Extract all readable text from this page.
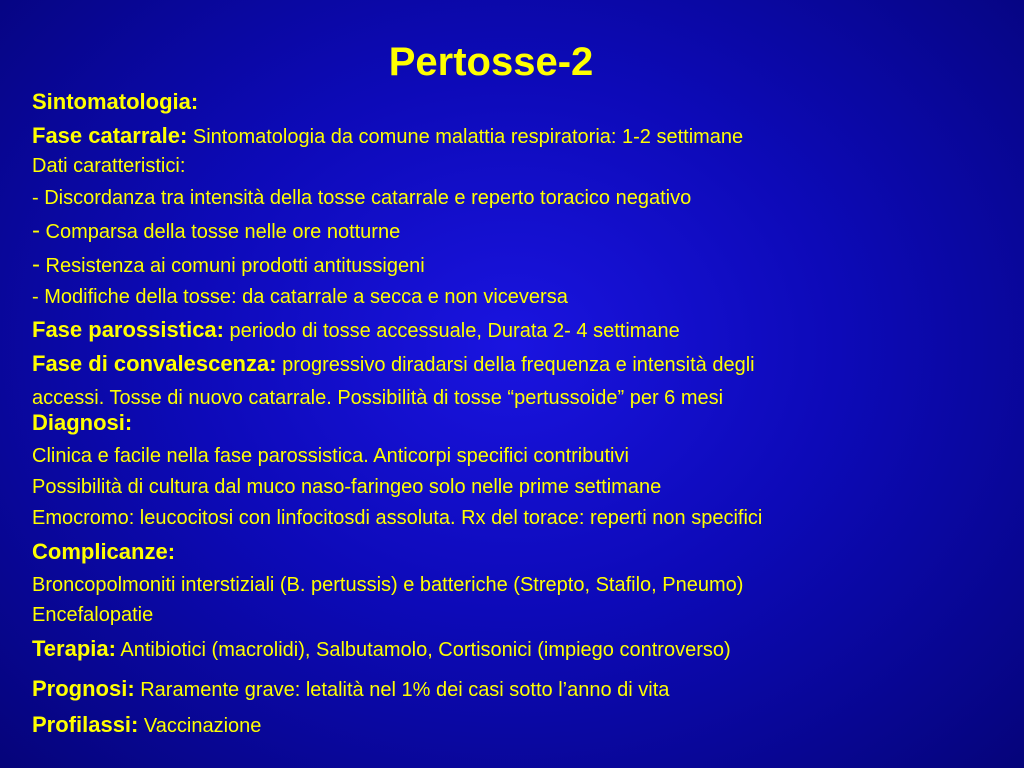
Pertosse-2
Sintomatologia:
Fase catarrale: Sintomatologia da comune malattia respiratoria: 1-2 settimane
Dati caratteristici:
- Discordanza tra intensità della tosse catarrale e reperto toracico negativo
- Comparsa della tosse nelle ore notturne
- Resistenza ai comuni prodotti antitussigeni
- Modifiche della tosse: da catarrale a secca e non viceversa
Fase parossistica: periodo di tosse accessuale, Durata 2- 4 settimane
Fase di convalescenza: progressivo diradarsi della frequenza e intensità degli
accessi. Tosse di nuovo catarrale. Possibilità di tosse “pertussoide” per 6 mesi
Diagnosi:
Clinica e facile nella fase parossistica. Anticorpi specifici contributivi
Possibilità di cultura dal muco naso-faringeo solo nelle prime settimane
Emocromo: leucocitosi con linfocitosdi assoluta. Rx del torace: reperti non specifici
Complicanze:
Broncopolmoniti interstiziali (B. pertussis) e batteriche (Strepto, Stafilo, Pneumo)
Encefalopatie
Terapia: Antibiotici (macrolidi), Salbutamolo, Cortisonici (impiego controverso)
Prognosi: Raramente grave: letalità nel 1% dei casi sotto l’anno di vita
Profilassi: Vaccinazione
